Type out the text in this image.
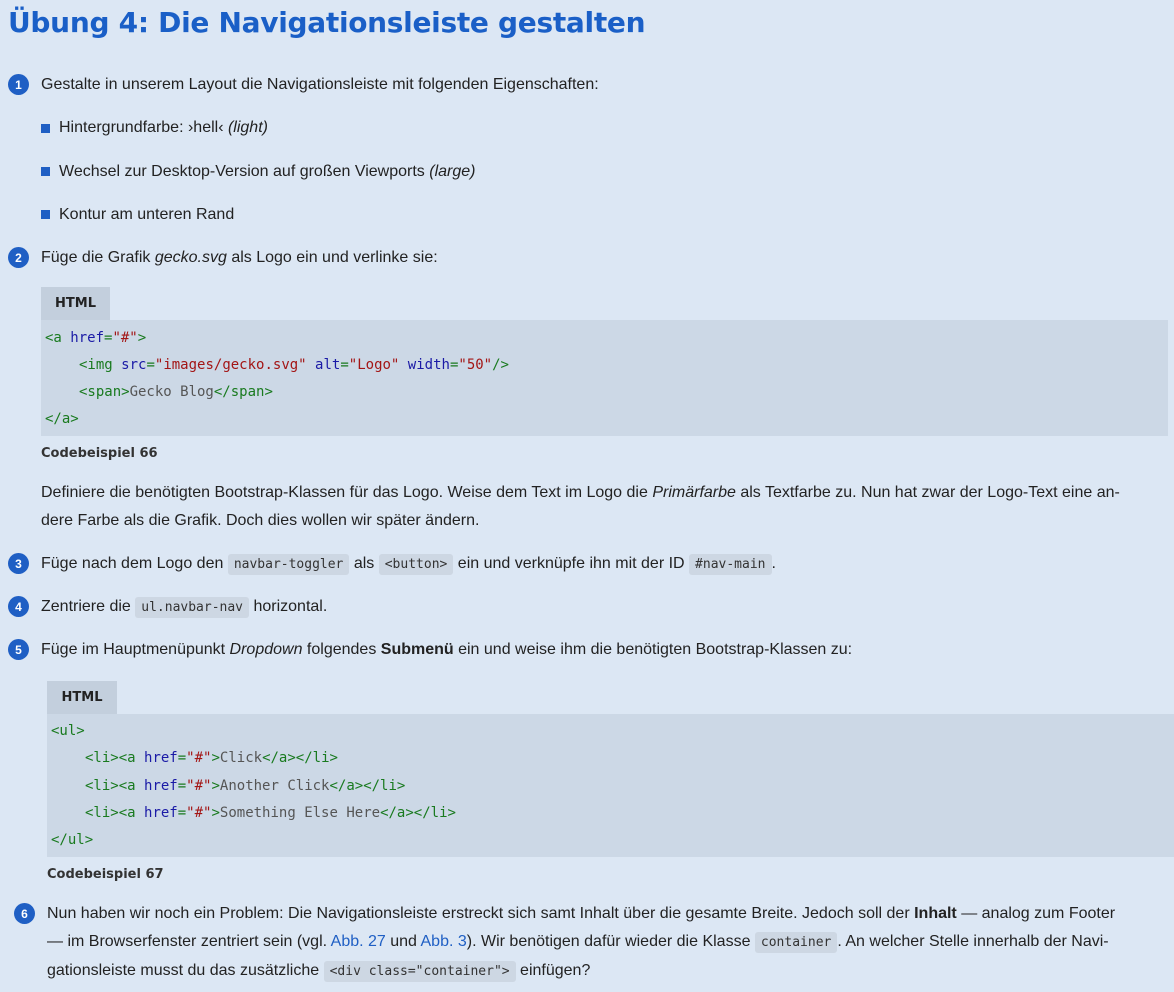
Übung 4: Die Navigationsleiste gestalten
1	Gestalte in unserem Layout die Navigationsleiste mit folgenden Eigenschaften:
Hintergrundfarbe: ›hell‹ (light)
Wechsel zur Desktop-Version auf großen Viewports (large)
Kontur am unteren Rand
2	Füge die Grafik gecko.svg als Logo ein und verlinke sie:
HTML
<a href="#">
<img src="images/gecko.svg" alt="Logo" width="50"/>
<span>Gecko Blog</span>
</a>
Codebeispiel 66
Definiere die benötigten Bootstrap-Klassen für das Logo. Weise dem Text im Logo die Primärfarbe als Textfarbe zu. Nun hat zwar der Logo-Text eine an-
dere Farbe als die Grafik. Doch dies wollen wir später ändern.
3	Füge nach dem Logo den navbar-toggler als <button> ein und verknüpfe ihn mit der ID #nav-main .
4	Zentriere die ul.navbar-nav horizontal.
5	Füge im Hauptmenüpunkt Dropdown folgendes Submenü ein und weise ihm die benötigten Bootstrap-Klassen zu:
HTML
<ul>
<li><a href="#">Click</a></li>
<li><a href="#">Another Click</a></li>
<li><a href="#">Something Else Here</a></li>
</ul>
Codebeispiel 67
6	Nun haben wir noch ein Problem: Die Navigationsleiste erstreckt sich samt Inhalt über die gesamte Breite. Jedoch soll der Inhalt — analog zum Footer
— im Browserfenster zentriert sein (vgl. Abb. 27 und Abb. 3). Wir benötigen dafür wieder die Klasse container . An welcher Stelle innerhalb der Navi-
gationsleiste musst du das zusätzliche <div class="container"> einfügen?
